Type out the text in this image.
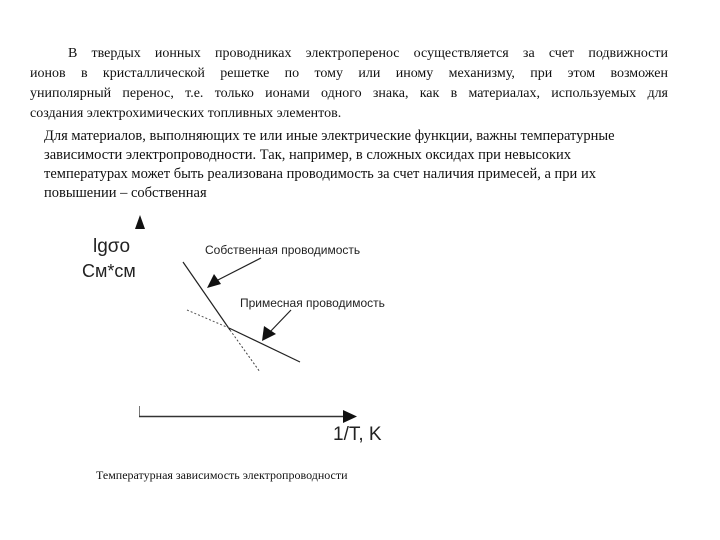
В твердых ионных проводниках электроперенос осуществляется за счет подвижности
ионов в кристаллической решетке по тому или иному механизму, при этом возможен
униполярный перенос, т.е. только ионами одного знака, как в материалах, используемых для
создания электрохимических топливных элементов.
Для материалов, выполняющих те или иные электрические функции, важны температурные
зависимости электропроводности. Так, например, в сложных оксидах при невысоких
температурах может быть реализована проводимость за счет наличия примесей, а при их
повышении – собственная
lgσo
См*см
1/T, K
Собственная проводимость
Примесная проводимость
Температурная зависимость электропроводности
